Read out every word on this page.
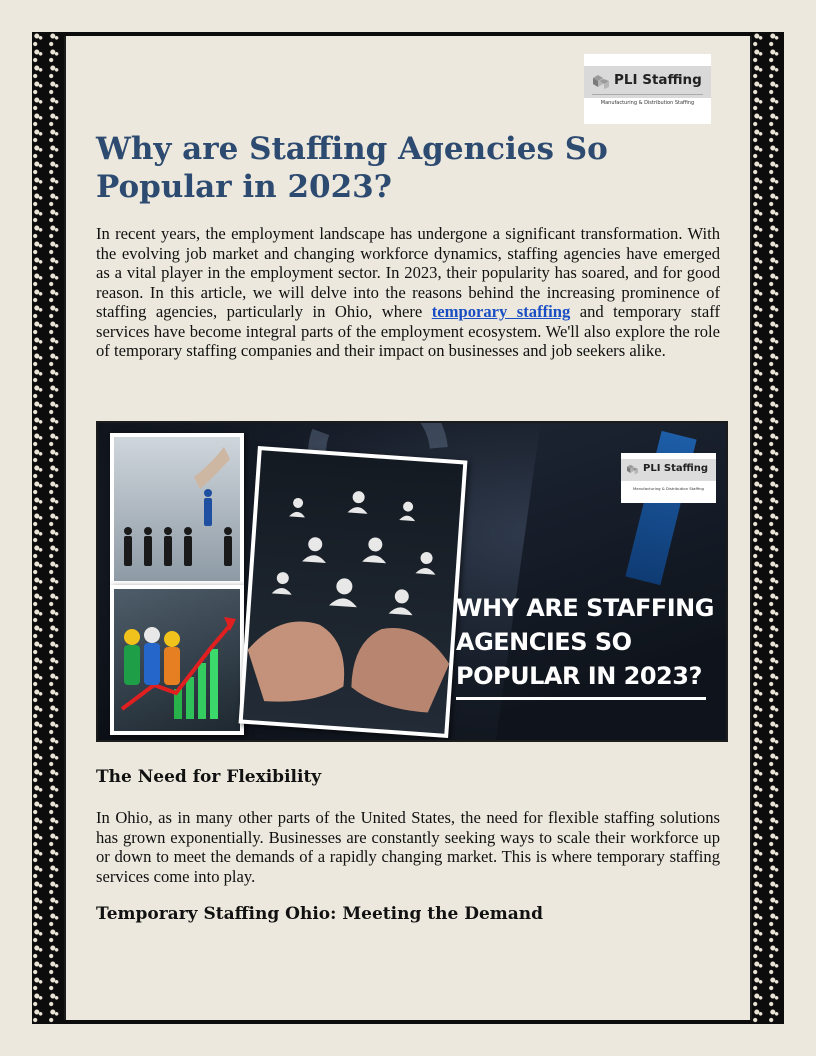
PLI Staffing
Manufacturing & Distribution Staffing
Why are Staffing Agencies So Popular in 2023?

In recent years, the employment landscape has undergone a significant transformation. With the evolving job market and changing workforce dynamics, staffing agencies have emerged as a vital player in the employment sector. In 2023, their popularity has soared, and for good reason. In this article, we will delve into the reasons behind the increasing prominence of staffing agencies, particularly in Ohio, where temporary staffing and temporary staff services have become integral parts of the employment ecosystem. We'll also explore the role of temporary staffing companies and their impact on businesses and job seekers alike.

PLI Staffing
Manufacturing & Distribution Staffing
WHY ARE STAFFING AGENCIES SO POPULAR IN 2023?
The Need for Flexibility

In Ohio, as in many other parts of the United States, the need for flexible staffing solutions has grown exponentially. Businesses are constantly seeking ways to scale their workforce up or down to meet the demands of a rapidly changing market. This is where temporary staffing services come into play.

Temporary Staffing Ohio: Meeting the Demand
